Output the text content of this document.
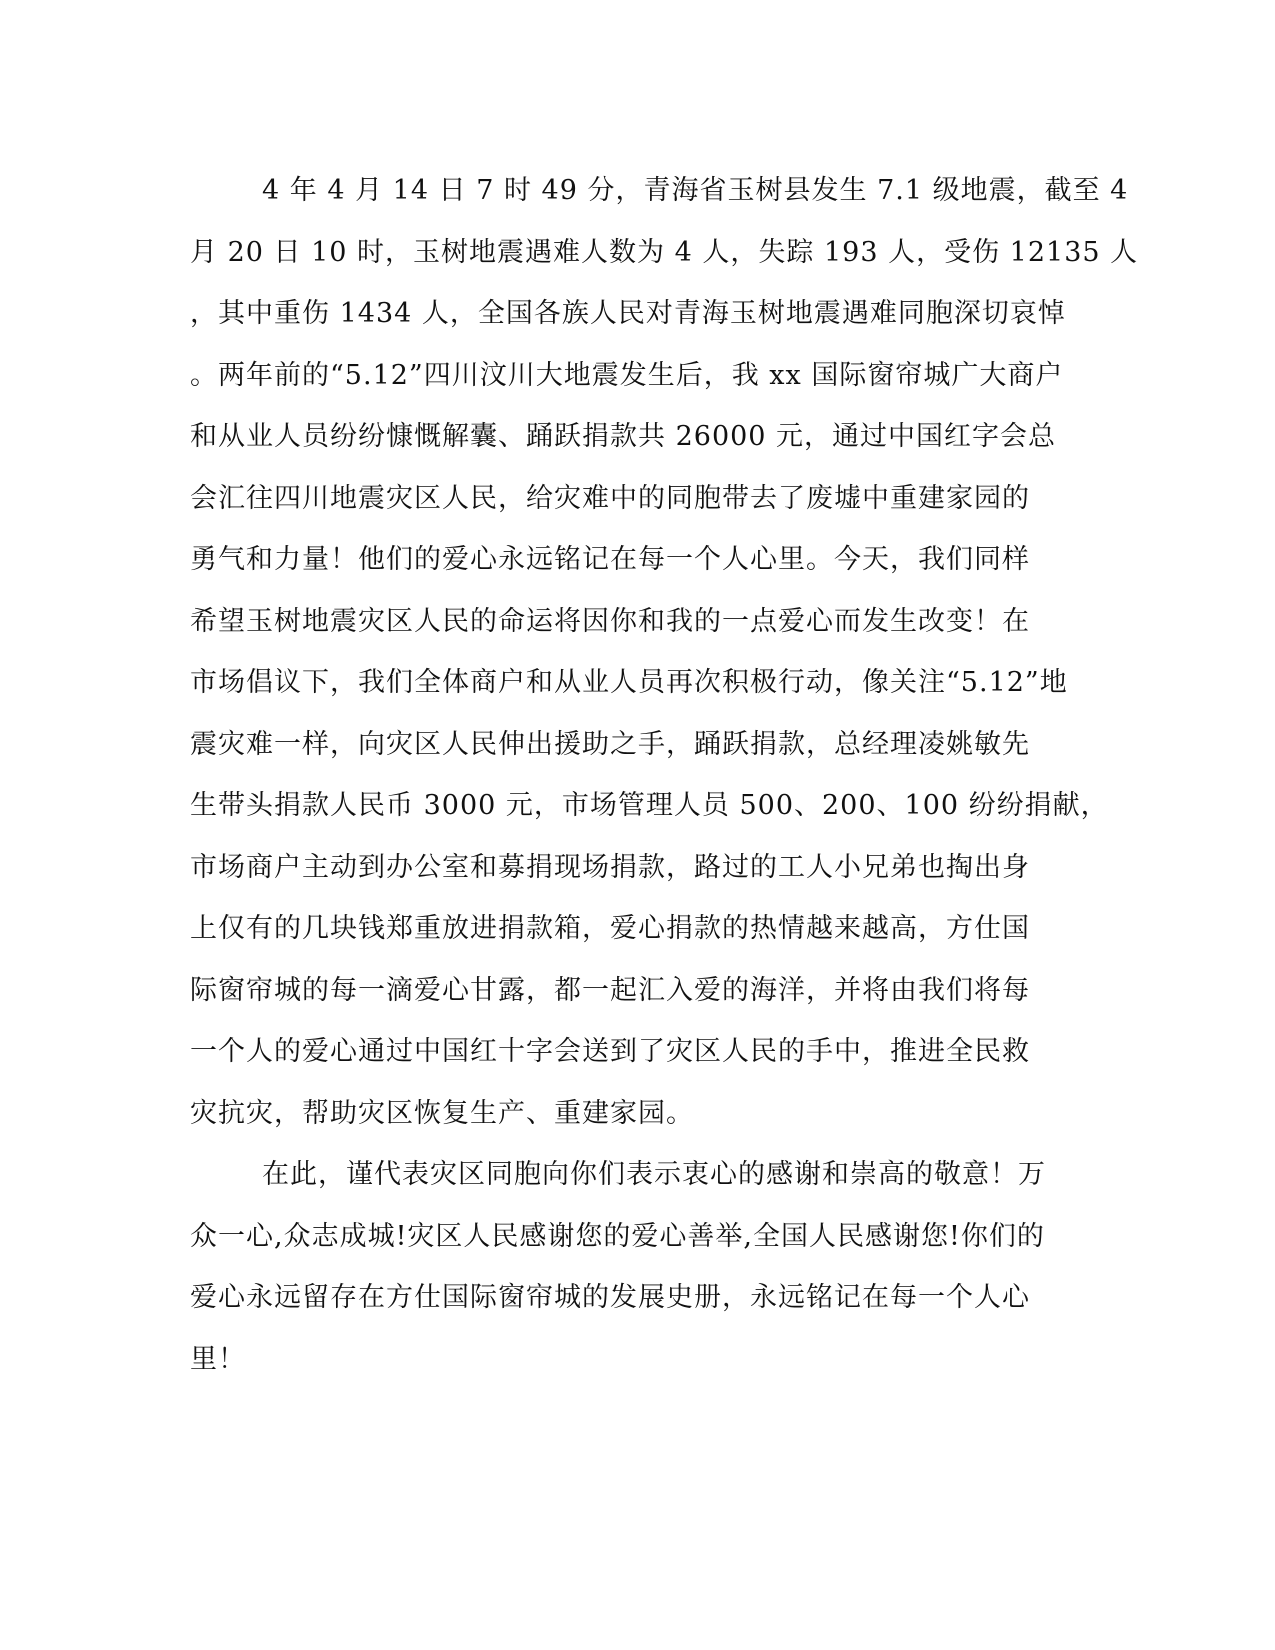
4 年 4 月 14 日 7 时 49 分，青海省玉树县发生 7.1 级地震，截至 4

月 20 日 10 时，玉树地震遇难人数为 4 人，失踪 193 人，受伤 12135 人

，其中重伤 1434 人，全国各族人民对青海玉树地震遇难同胞深切哀悼

。两年前的“5.12”四川汶川大地震发生后，我 xx 国际窗帘城广大商户

和从业人员纷纷慷慨解囊、踊跃捐款共 26000 元，通过中国红字会总

会汇往四川地震灾区人民，给灾难中的同胞带去了废墟中重建家园的

勇气和力量！他们的爱心永远铭记在每一个人心里。今天，我们同样

希望玉树地震灾区人民的命运将因你和我的一点爱心而发生改变！在

市场倡议下，我们全体商户和从业人员再次积极行动，像关注“5.12”地

震灾难一样，向灾区人民伸出援助之手，踊跃捐款，总经理凌姚敏先

生带头捐款人民币 3000 元，市场管理人员 500、200、100 纷纷捐献，

市场商户主动到办公室和募捐现场捐款，路过的工人小兄弟也掏出身

上仅有的几块钱郑重放进捐款箱，爱心捐款的热情越来越高，方仕国

际窗帘城的每一滴爱心甘露，都一起汇入爱的海洋，并将由我们将每

一个人的爱心通过中国红十字会送到了灾区人民的手中，推进全民救

灾抗灾，帮助灾区恢复生产、重建家园。

在此，谨代表灾区同胞向你们表示衷心的感谢和崇高的敬意！万

众一心,众志成城!灾区人民感谢您的爱心善举,全国人民感谢您!你们的

爱心永远留存在方仕国际窗帘城的发展史册，永远铭记在每一个人心

里！
